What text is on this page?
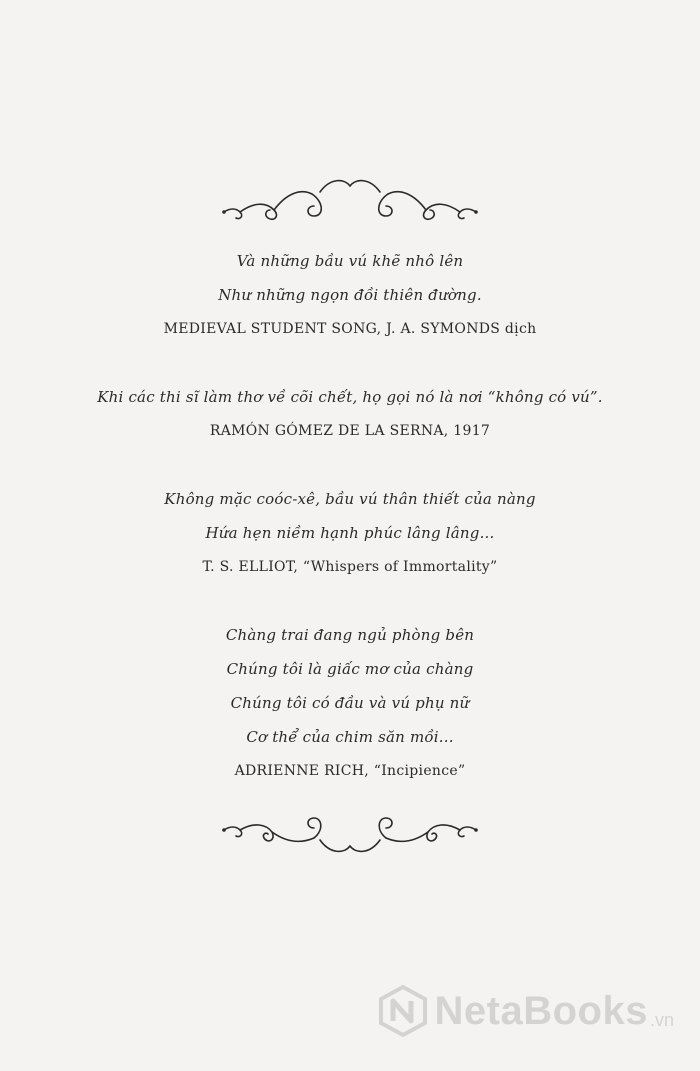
Và những bầu vú khẽ nhô lên

Như những ngọn đồi thiên đường.

MEDIEVAL STUDENT SONG, J. A. SYMONDS dịch

Khi các thi sĩ làm thơ về cõi chết, họ gọi nó là nơi “không có vú”.

RAMÓN GÓMEZ DE LA SERNA, 1917

Không mặc coóc-xê, bầu vú thân thiết của nàng

Hứa hẹn niềm hạnh phúc lâng lâng...

T. S. ELLIOT, “Whispers of Immortality”

Chàng trai đang ngủ phòng bên

Chúng tôi là giấc mơ của chàng

Chúng tôi có đầu và vú phụ nữ

Cơ thể của chim săn mồi...

ADRIENNE RICH, “Incipience”

NetaBooks .vn
